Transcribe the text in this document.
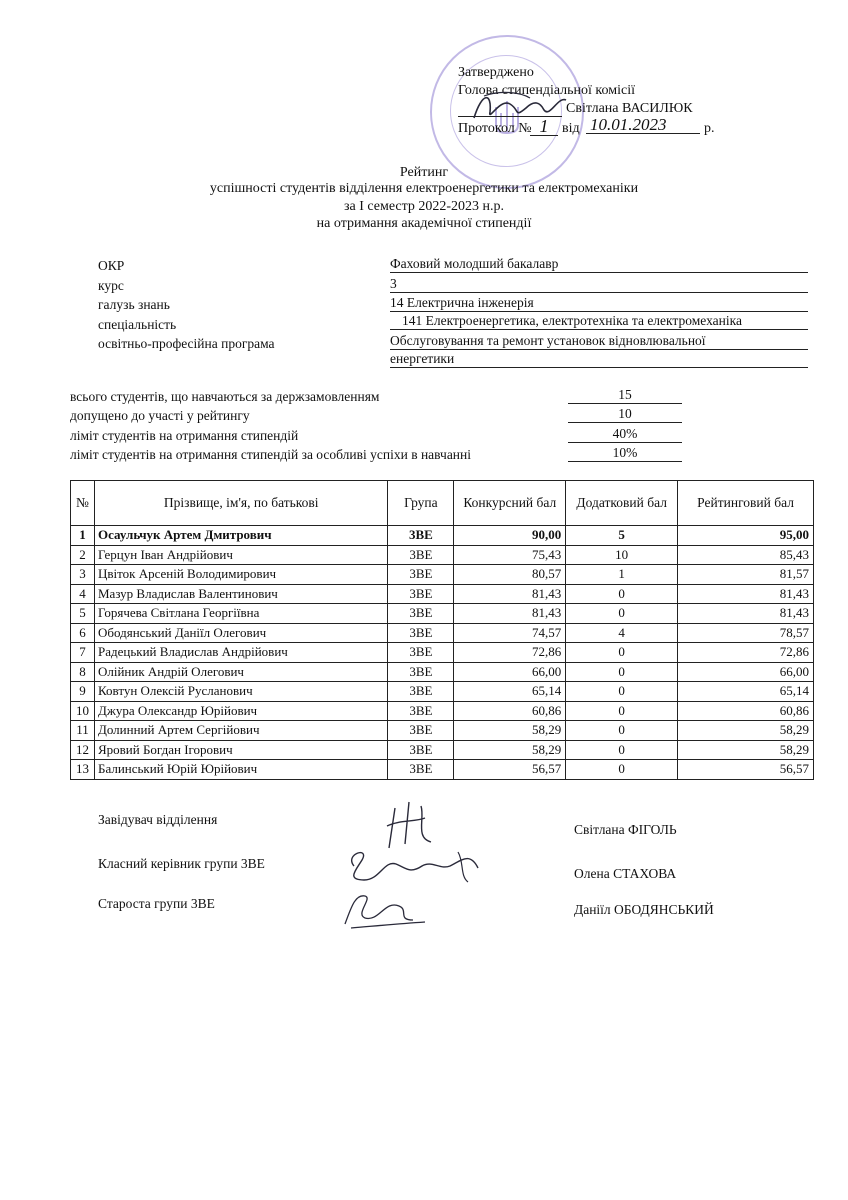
Затверджено
Голова стипендіальної комісії
Світлана ВАСИЛЮК
Протокол № 1 від 10.01.2023	р.
Рейтинг
успішності студентів відділення електроенергетики та електромеханіки
за І семестр 2022-2023 н.р.
на отримання академічної стипендії
ОКР	Фаховий молодший бакалавр
курс	3
галузь знань	14 Електрична інженерія
спеціальність	141 Електроенергетика, електротехніка та електромеханіка
освітньо-професійна програма	Обслуговування та ремонт установок відновлювальної
енергетики
всього студентів, що навчаються за держзамовленням	15
допущено до участі у рейтингу	10
ліміт студентів на отримання стипендій	40%
ліміт студентів на отримання стипендій за особливі успіхи в навчанні	10%
№	Прізвище, ім'я, по батькові	Група	Конкурсний бал	Додатковий бал	Рейтинговий бал
1	Осаульчук Артем Дмитрович	3ВЕ	90,00	5	95,00
2	Герцун Іван Андрійович	3ВЕ	75,43	10	85,43
3	Цвіток Арсеній Володимирович	3ВЕ	80,57	1	81,57
4	Мазур Владислав Валентинович	3ВЕ	81,43	0	81,43
5	Горячева Світлана Георгіївна	3ВЕ	81,43	0	81,43
6	Ободянський Даніїл Олегович	3ВЕ	74,57	4	78,57
7	Радецький Владислав Андрійович	3ВЕ	72,86	0	72,86
8	Олійник Андрій Олегович	3ВЕ	66,00	0	66,00
9	Ковтун Олексій Русланович	3ВЕ	65,14	0	65,14
10	Джура Олександр Юрійович	3ВЕ	60,86	0	60,86
11	Долинний Артем Сергійович	3ВЕ	58,29	0	58,29
12	Яровий Богдан Ігорович	3ВЕ	58,29	0	58,29
13	Балинський Юрій Юрійович	3ВЕ	56,57	0	56,57
Завідувач відділення
Світлана ФІГОЛЬ
Класний керівник групи 3ВЕ
Олена СТАХОВА
Староста групи 3ВЕ	Даніїл ОБОДЯНСЬКИЙ
